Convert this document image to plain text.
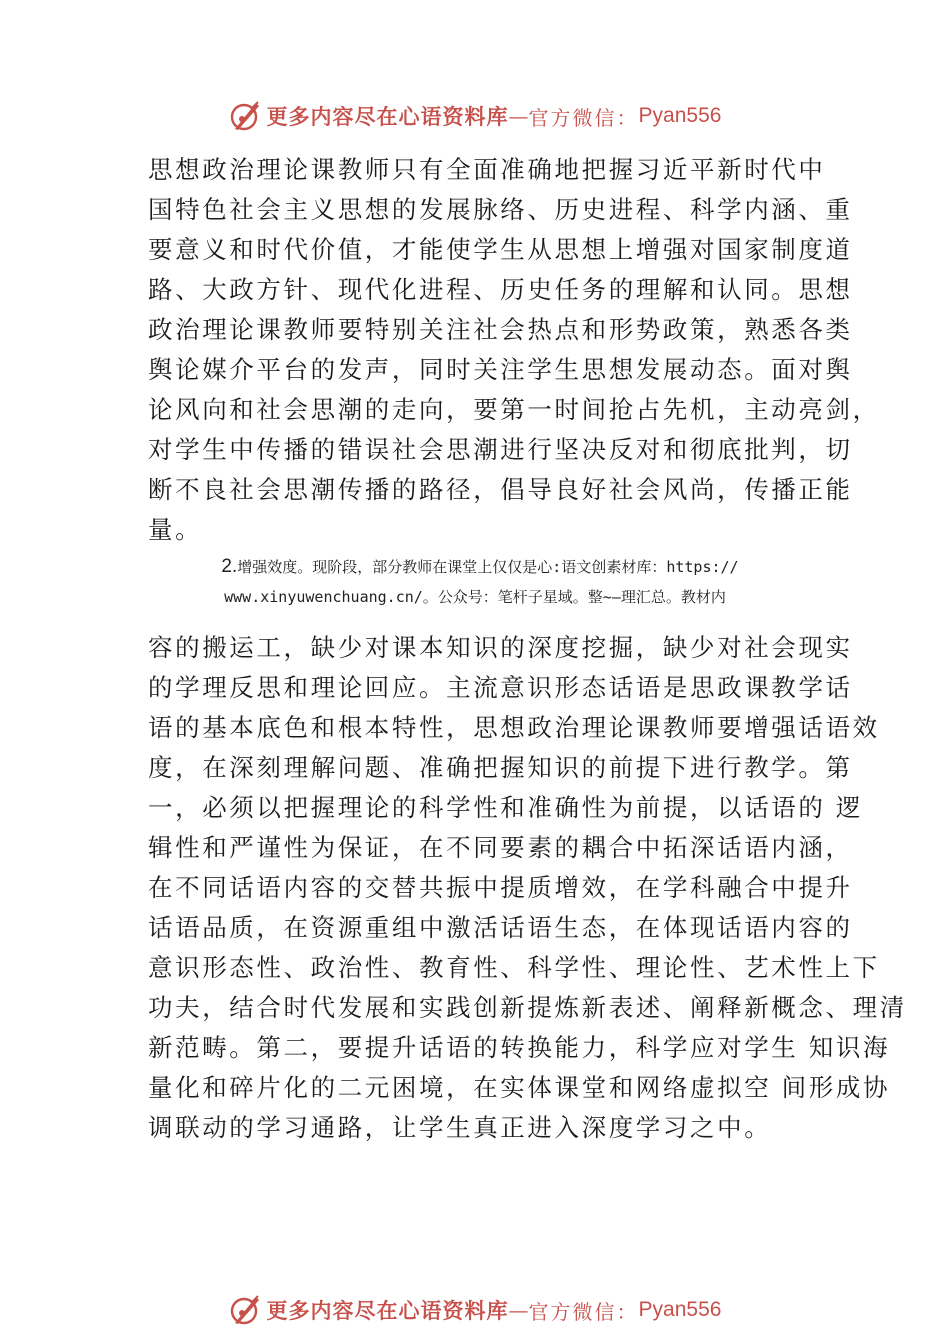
更多内容尽在心语资料库 — 官方微信： Pyan556
思想政治理论课教师只有全面准确地把握习近平新时代中
国特色社会主义思想的发展脉络、历史进程、科学内涵、重
要意义和时代价值，才能使学生从思想上增强对国家制度道
路、大政方针、现代化进程、历史任务的理解和认同。思想
政治理论课教师要特别关注社会热点和形势政策，熟悉各类
舆论媒介平台的发声，同时关注学生思想发展动态。面对舆
论风向和社会思潮的走向，要第一时间抢占先机，主动亮剑，
对学生中传播的错误社会思潮进行坚决反对和彻底批判，切
断不良社会思潮传播的路径，倡导良好社会风尚，传播正能
量。
2.增强效度。现阶段，部分教师在课堂上仅仅是心:语文创素材库：https://
www.xinyuwenchuang.cn/。公众号：笔杆子星域。整~—理汇总。教材内
容的搬运工，缺少对课本知识的深度挖掘，缺少对社会现实
的学理反思和理论回应。主流意识形态话语是思政课教学话
语的基本底色和根本特性，思想政治理论课教师要增强话语效
度，在深刻理解问题、准确把握知识的前提下进行教学。第
一，必须以把握理论的科学性和准确性为前提，以话语的 逻
辑性和严谨性为保证，在不同要素的耦合中拓深话语内涵，
在不同话语内容的交替共振中提质增效，在学科融合中提升
话语品质，在资源重组中激活话语生态，在体现话语内容的
意识形态性、政治性、教育性、科学性、理论性、艺术性上下
功夫，结合时代发展和实践创新提炼新表述、阐释新概念、理清
新范畴。第二，要提升话语的转换能力，科学应对学生 知识海
量化和碎片化的二元困境，在实体课堂和网络虚拟空 间形成协
调联动的学习通路，让学生真正进入深度学习之中。
更多内容尽在心语资料库 — 官方微信： Pyan556
